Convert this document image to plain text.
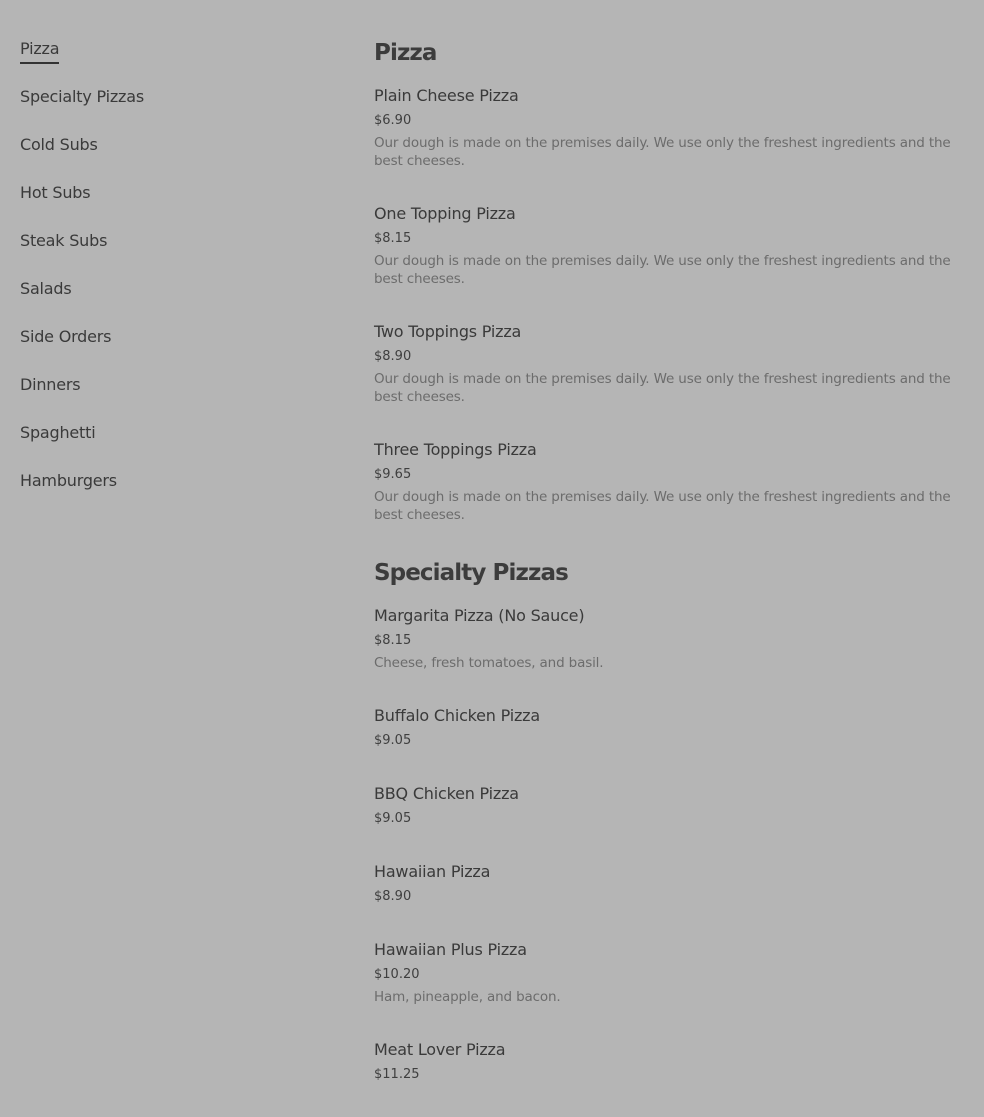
Pizza
Specialty Pizzas
Cold Subs
Hot Subs
Steak Subs
Salads
Side Orders
Dinners
Spaghetti
Hamburgers
Pizza
Plain Cheese Pizza
$6.90
Our dough is made on the premises daily. We use only the freshest ingredients and the best cheeses.
One Topping Pizza
$8.15
Our dough is made on the premises daily. We use only the freshest ingredients and the best cheeses.
Two Toppings Pizza
$8.90
Our dough is made on the premises daily. We use only the freshest ingredients and the best cheeses.
Three Toppings Pizza
$9.65
Our dough is made on the premises daily. We use only the freshest ingredients and the best cheeses.
Specialty Pizzas
Margarita Pizza (No Sauce)
$8.15
Cheese, fresh tomatoes, and basil.
Buffalo Chicken Pizza
$9.05
BBQ Chicken Pizza
$9.05
Hawaiian Pizza
$8.90
Hawaiian Plus Pizza
$10.20
Ham, pineapple, and bacon.
Meat Lover Pizza
$11.25
